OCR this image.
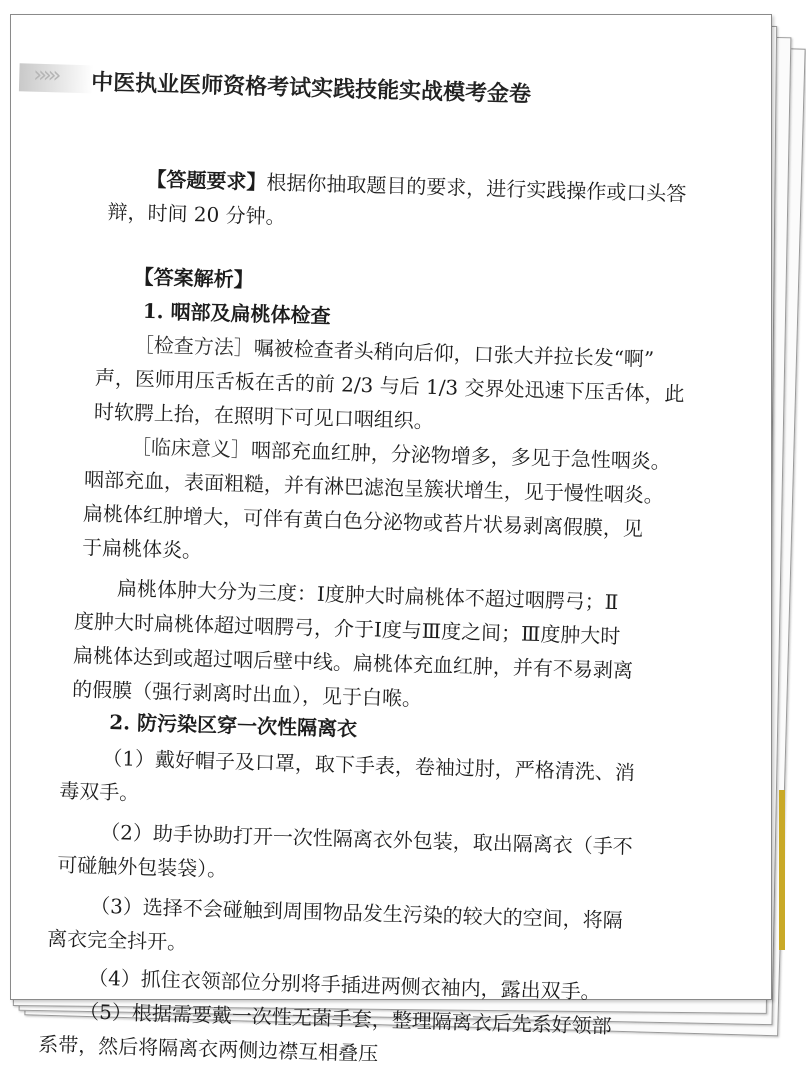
››››› 中医执业医师资格考试实践技能实战模考金卷
【答题要求】根据你抽取题目的要求，进行实践操作或口头答
辩，时间 20 分钟。
【答案解析】
1. 咽部及扁桃体检查
［检查方法］嘱被检查者头稍向后仰，口张大并拉长发“啊”
声，医师用压舌板在舌的前 2/3 与后 1/3 交界处迅速下压舌体，此
时软腭上抬，在照明下可见口咽组织。
［临床意义］咽部充血红肿，分泌物增多，多见于急性咽炎。
咽部充血，表面粗糙，并有淋巴滤泡呈簇状增生，见于慢性咽炎。
扁桃体红肿增大，可伴有黄白色分泌物或苔片状易剥离假膜，见
于扁桃体炎。
扁桃体肿大分为三度：Ⅰ度肿大时扁桃体不超过咽腭弓；Ⅱ
度肿大时扁桃体超过咽腭弓，介于Ⅰ度与Ⅲ度之间；Ⅲ度肿大时
扁桃体达到或超过咽后壁中线。扁桃体充血红肿，并有不易剥离
的假膜（强行剥离时出血），见于白喉。
2. 防污染区穿一次性隔离衣
（1）戴好帽子及口罩，取下手表，卷袖过肘，严格清洗、消
毒双手。
（2）助手协助打开一次性隔离衣外包装，取出隔离衣（手不
可碰触外包装袋）。
（3）选择不会碰触到周围物品发生污染的较大的空间，将隔
离衣完全抖开。
（4）抓住衣领部位分别将手插进两侧衣袖内，露出双手。
（5）根据需要戴一次性无菌手套，整理隔离衣后先系好领部
系带，然后将隔离衣两侧边襟互相叠压
